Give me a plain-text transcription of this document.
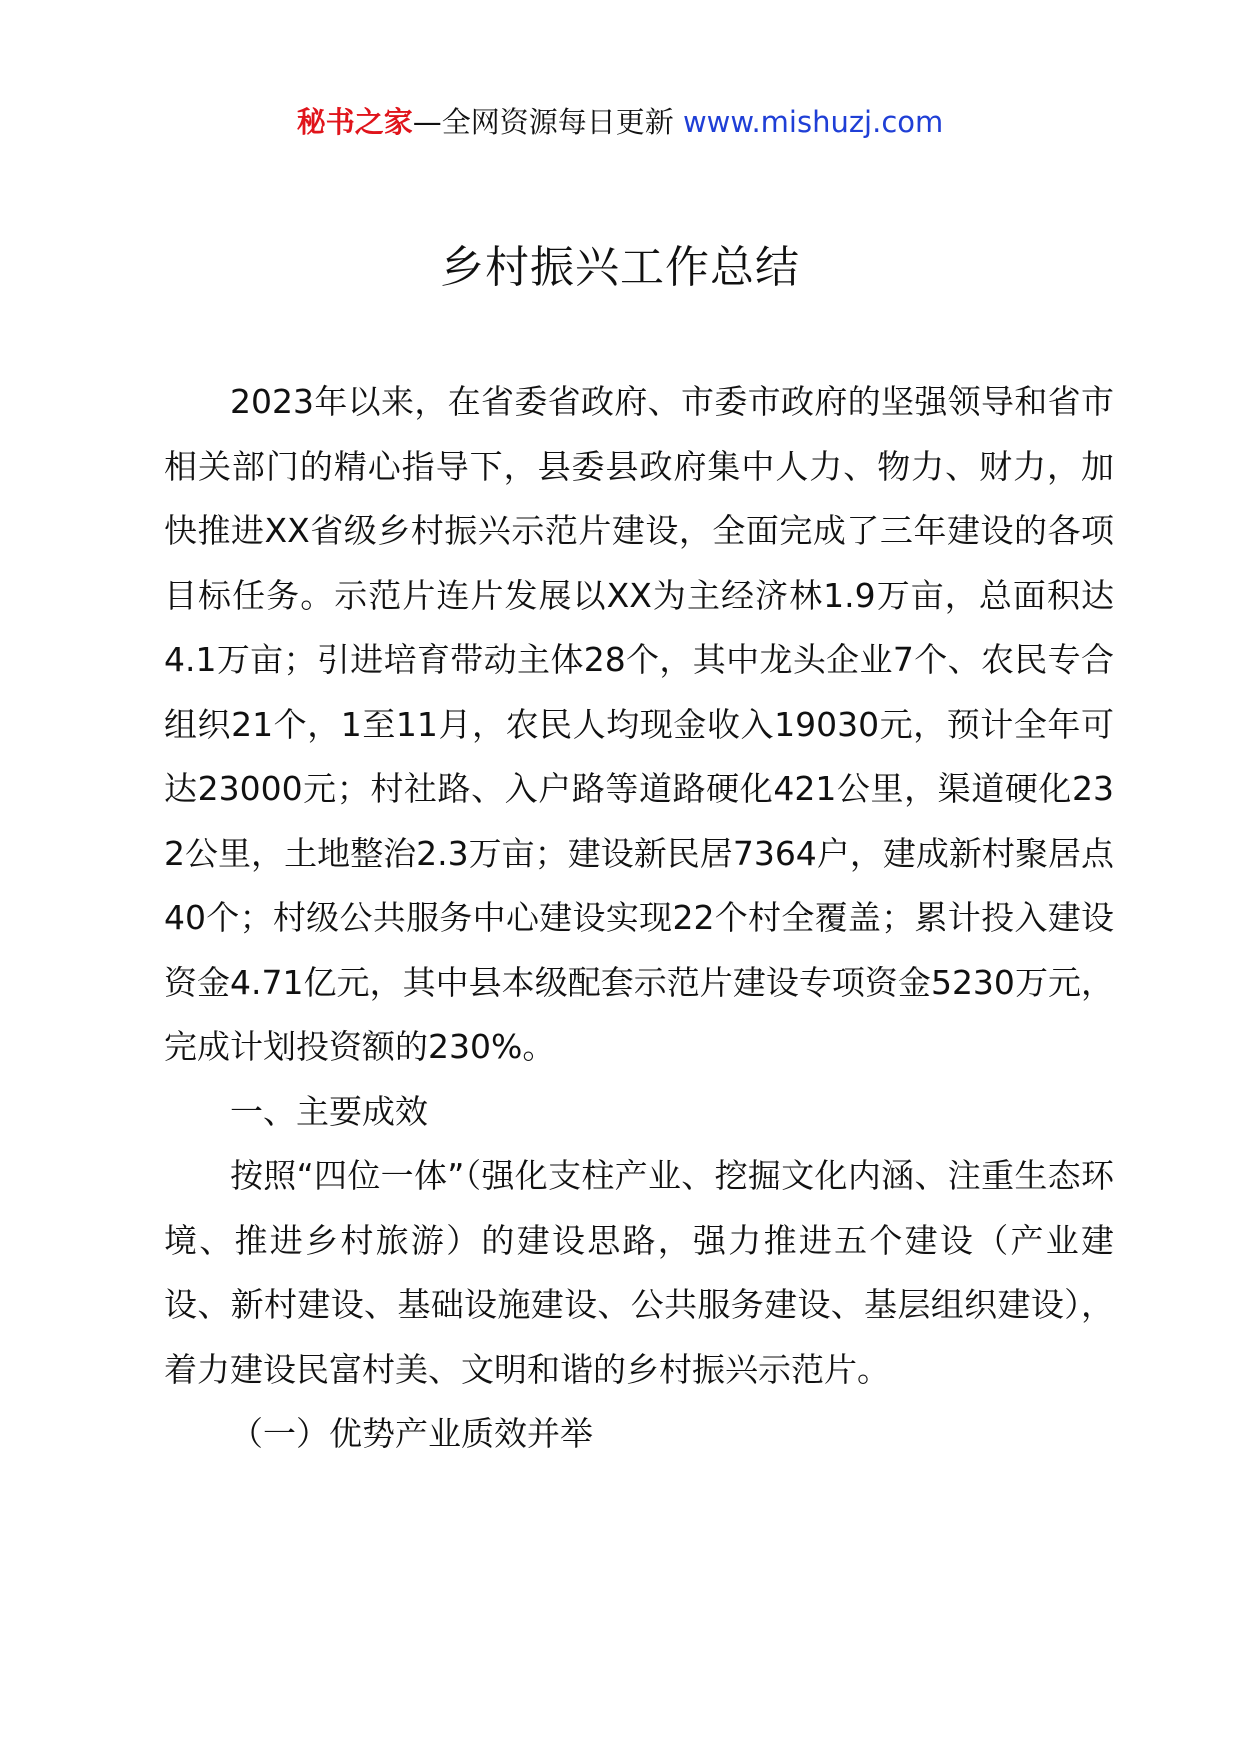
秘书之家—全网资源每日更新 www.mishuzj.com
乡村振兴工作总结

2023年以来，在省委省政府、市委市政府的坚强领导和省市相关部门的精心指导下，县委县政府集中人力、物力、财力，加快推进XX省级乡村振兴示范片建设，全面完成了三年建设的各项目标任务。示范片连片发展以XX为主经济林1.9万亩，总面积达4.1万亩；引进培育带动主体28个，其中龙头企业7个、农民专合组织21个，1至11月，农民人均现金收入19030元，预计全年可达23000元；村社路、入户路等道路硬化421公里，渠道硬化232公里，土地整治2.3万亩；建设新民居7364户，建成新村聚居点40个；村级公共服务中心建设实现22个村全覆盖；累计投入建设资金4.71亿元，其中县本级配套示范片建设专项资金5230万元，完成计划投资额的230%。

一、主要成效

按照“四位一体”（强化支柱产业、挖掘文化内涵、注重生态环境、推进乡村旅游）的建设思路，强力推进五个建设（产业建设、新村建设、基础设施建设、公共服务建设、基层组织建设），着力建设民富村美、文明和谐的乡村振兴示范片。

（一）优势产业质效并举
